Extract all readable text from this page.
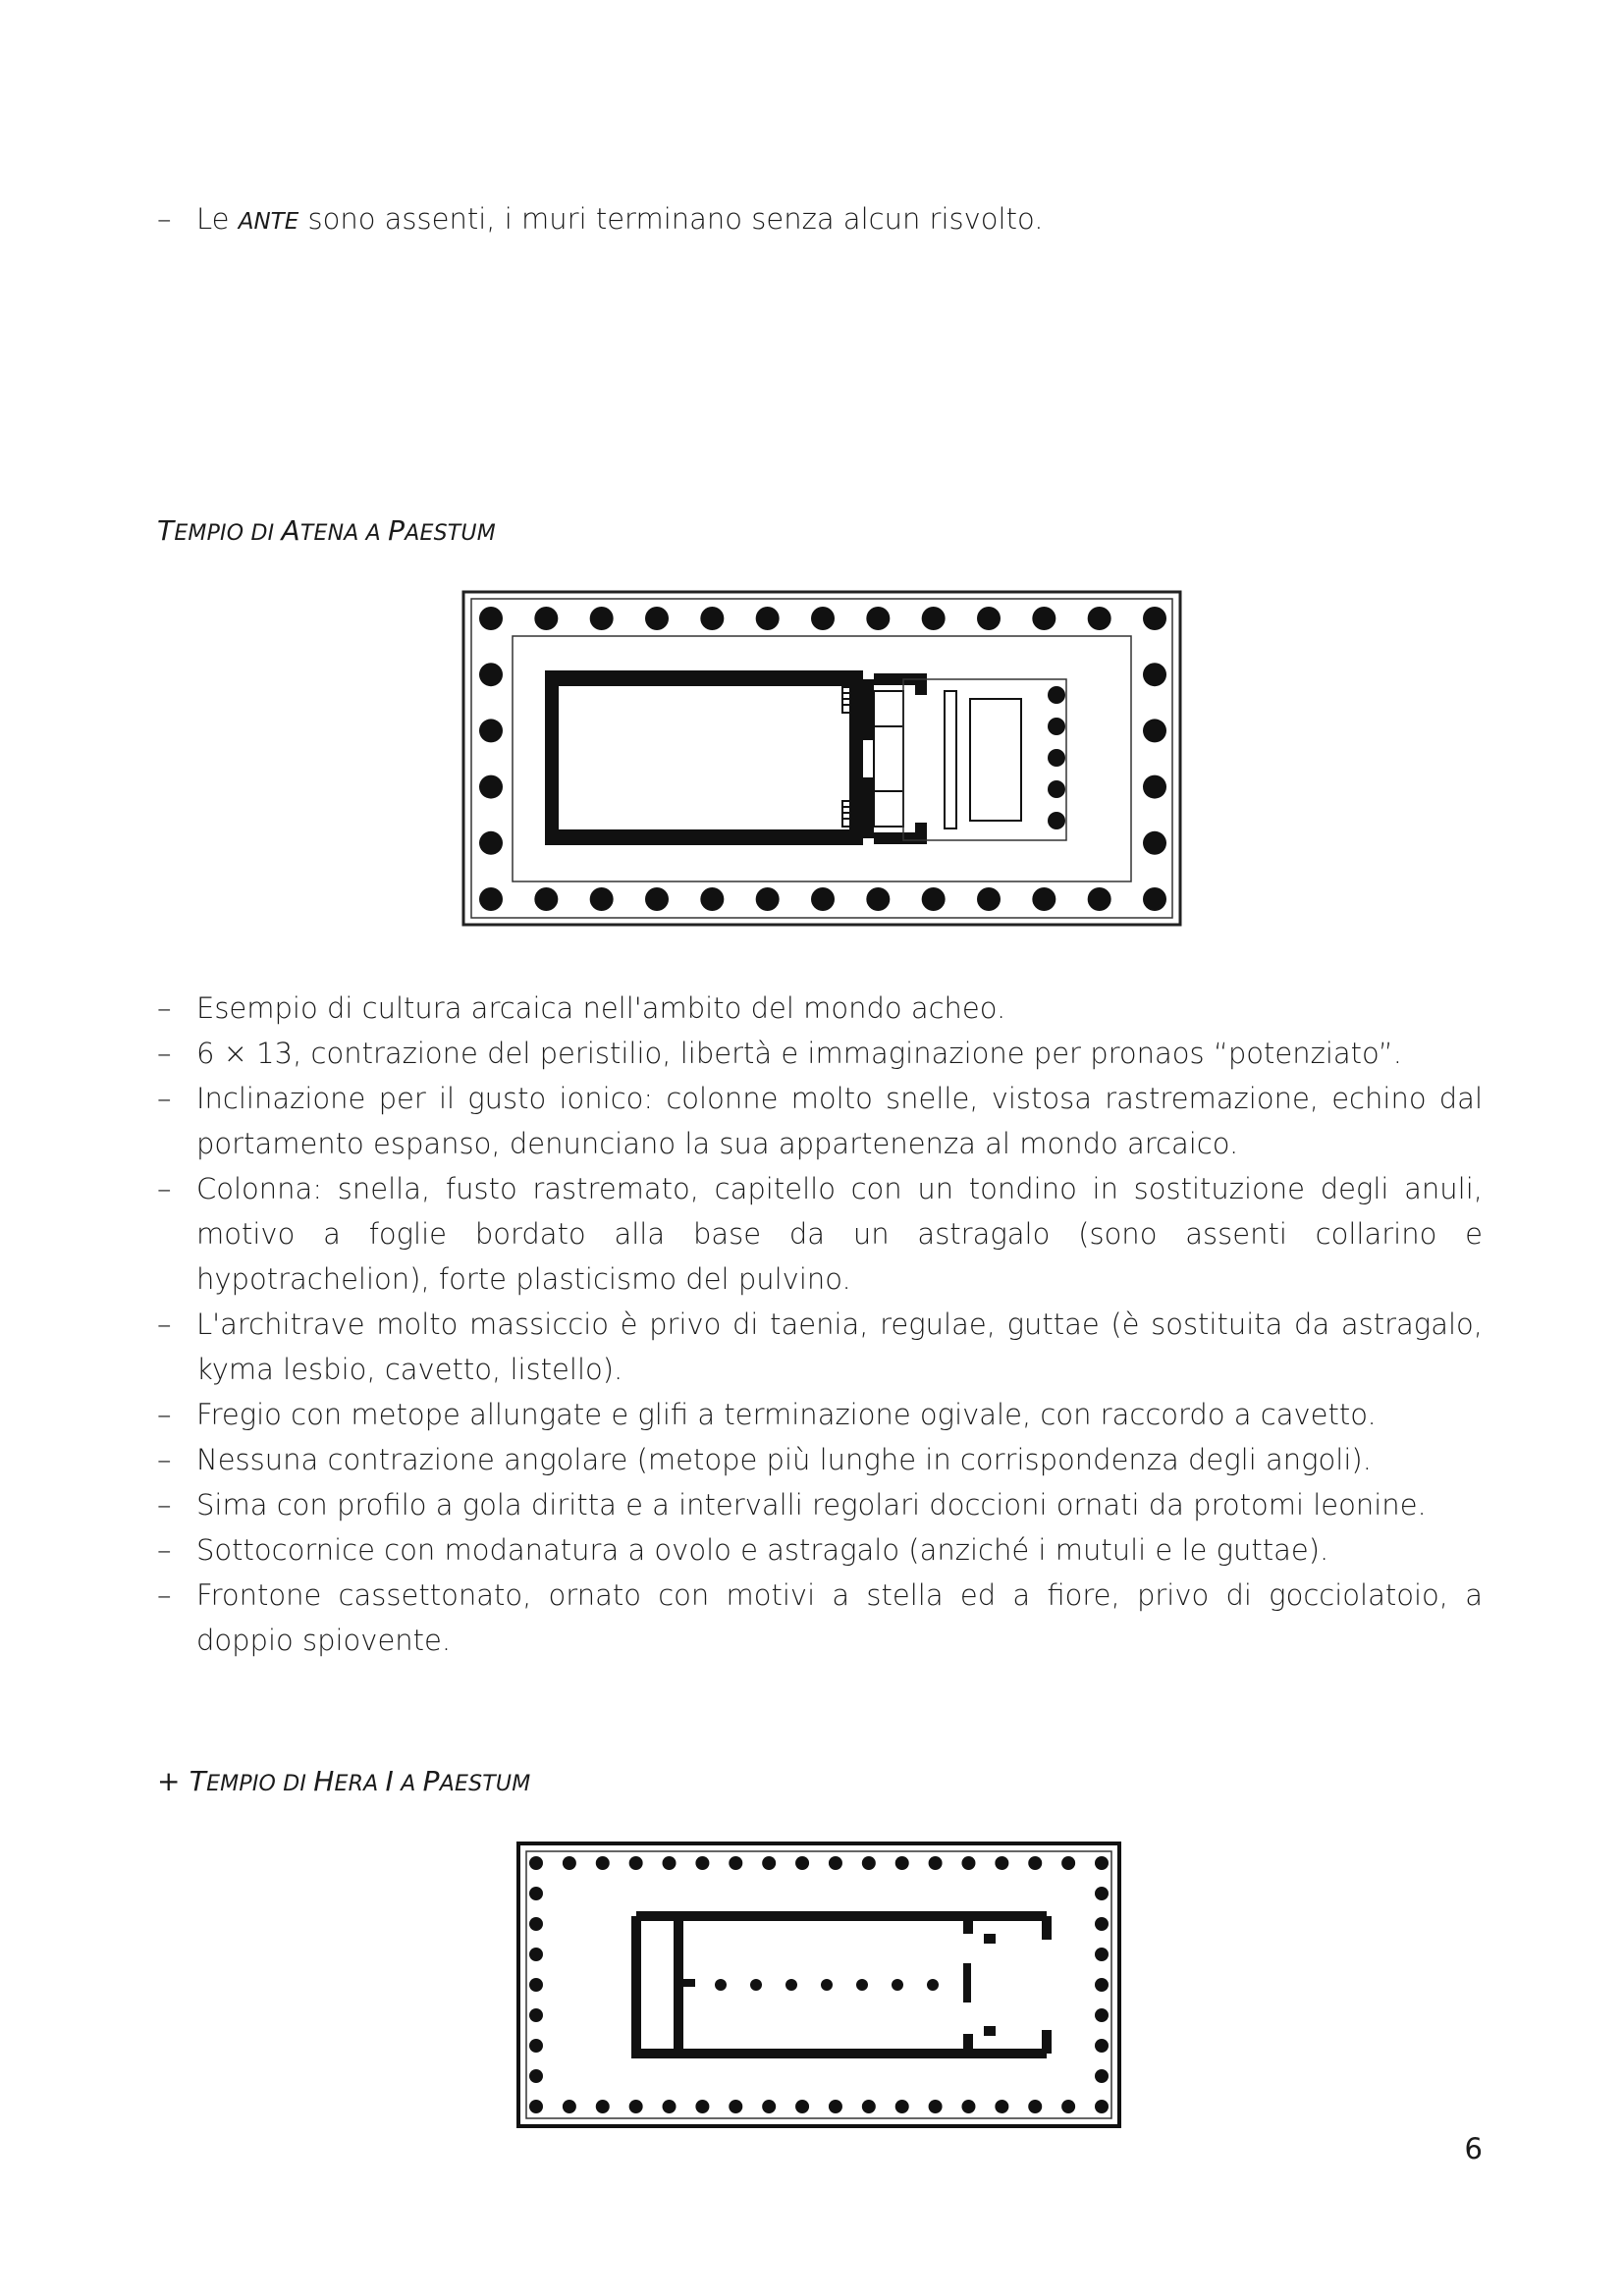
– Le ANTE sono assenti, i muri terminano senza alcun risvolto.
TEMPIO DI ATENA A PAESTUM
– Esempio di cultura arcaica nell'ambito del mondo acheo.
– 6 × 13, contrazione del peristilio, libertà e immaginazione per pronaos “potenziato”.
– Inclinazione per il gusto ionico: colonne molto snelle, vistosa rastremazione, echino dal portamento espanso, denunciano la sua appartenenza al mondo arcaico.
– Colonna: snella, fusto rastremato, capitello con un tondino in sostituzione degli anuli, motivo a foglie bordato alla base da un astragalo (sono assenti collarino e hypotrachelion), forte plasticismo del pulvino.
– L'architrave molto massiccio è privo di taenia, regulae, guttae (è sostituita da astragalo, kyma lesbio, cavetto, listello).
– Fregio con metope allungate e glifi a terminazione ogivale, con raccordo a cavetto.
– Nessuna contrazione angolare (metope più lunghe in corrispondenza degli angoli).
– Sima con profilo a gola diritta e a intervalli regolari doccioni ornati da protomi leonine.
– Sottocornice con modanatura a ovolo e astragalo (anziché i mutuli e le guttae).
– Frontone cassettonato, ornato con motivi a stella ed a fiore, privo di gocciolatoio, a doppio spiovente.
+ TEMPIO DI HERA I A PAESTUM
6
